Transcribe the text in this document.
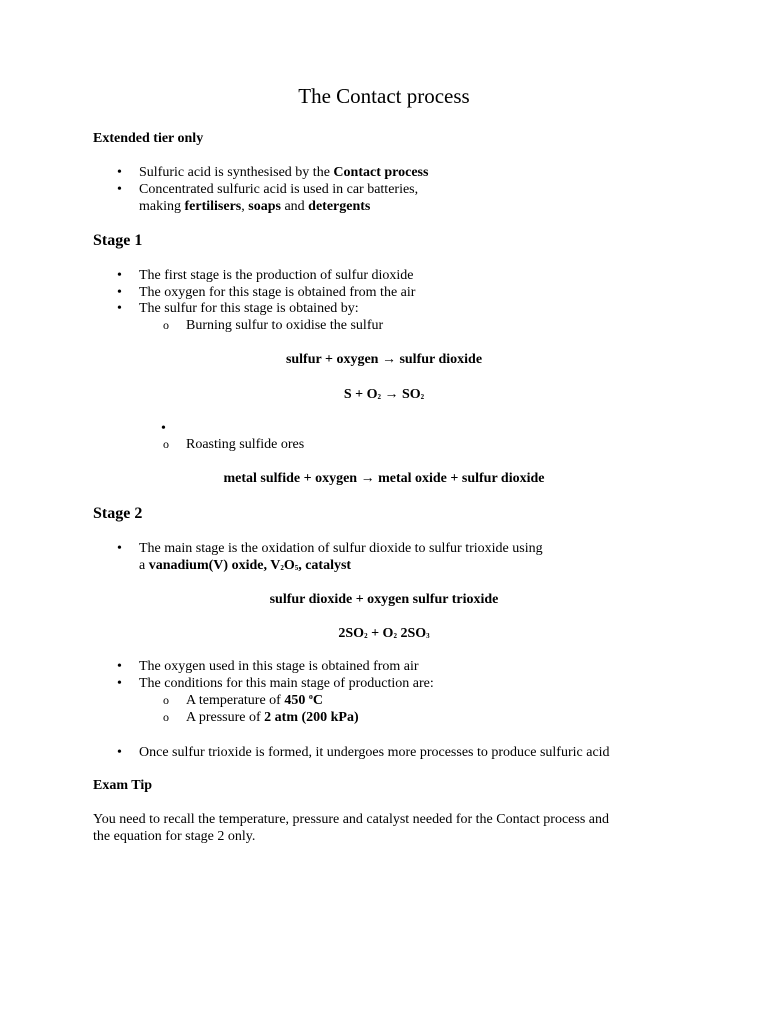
The Contact process
Extended tier only
• Sulfuric acid is synthesised by the Contact process
• Concentrated sulfuric acid is used in car batteries,
making fertilisers, soaps and detergents
Stage 1
• The first stage is the production of sulfur dioxide
• The oxygen for this stage is obtained from the air
• The sulfur for this stage is obtained by:
o Burning sulfur to oxidise the sulfur
sulfur + oxygen → sulfur dioxide
$S + O_2 \to SO_2$
•
o Roasting sulfide ores
metal sulfide + oxygen → metal oxide + sulfur dioxide
Stage 2
• The main stage is the oxidation of sulfur dioxide to sulfur trioxide using
a vanadium(V) oxide, $V_2O_5$, catalyst
sulfur dioxide + oxygen sulfur trioxide
$2SO_2 + O_2$ $2SO_3$
• The oxygen used in this stage is obtained from air
• The conditions for this main stage of production are:
o A temperature of 450 $^o$C
o A pressure of 2 atm (200 kPa)
• Once sulfur trioxide is formed, it undergoes more processes to produce sulfuric acid
Exam Tip
You need to recall the temperature, pressure and catalyst needed for the Contact process and
the equation for stage 2 only.
